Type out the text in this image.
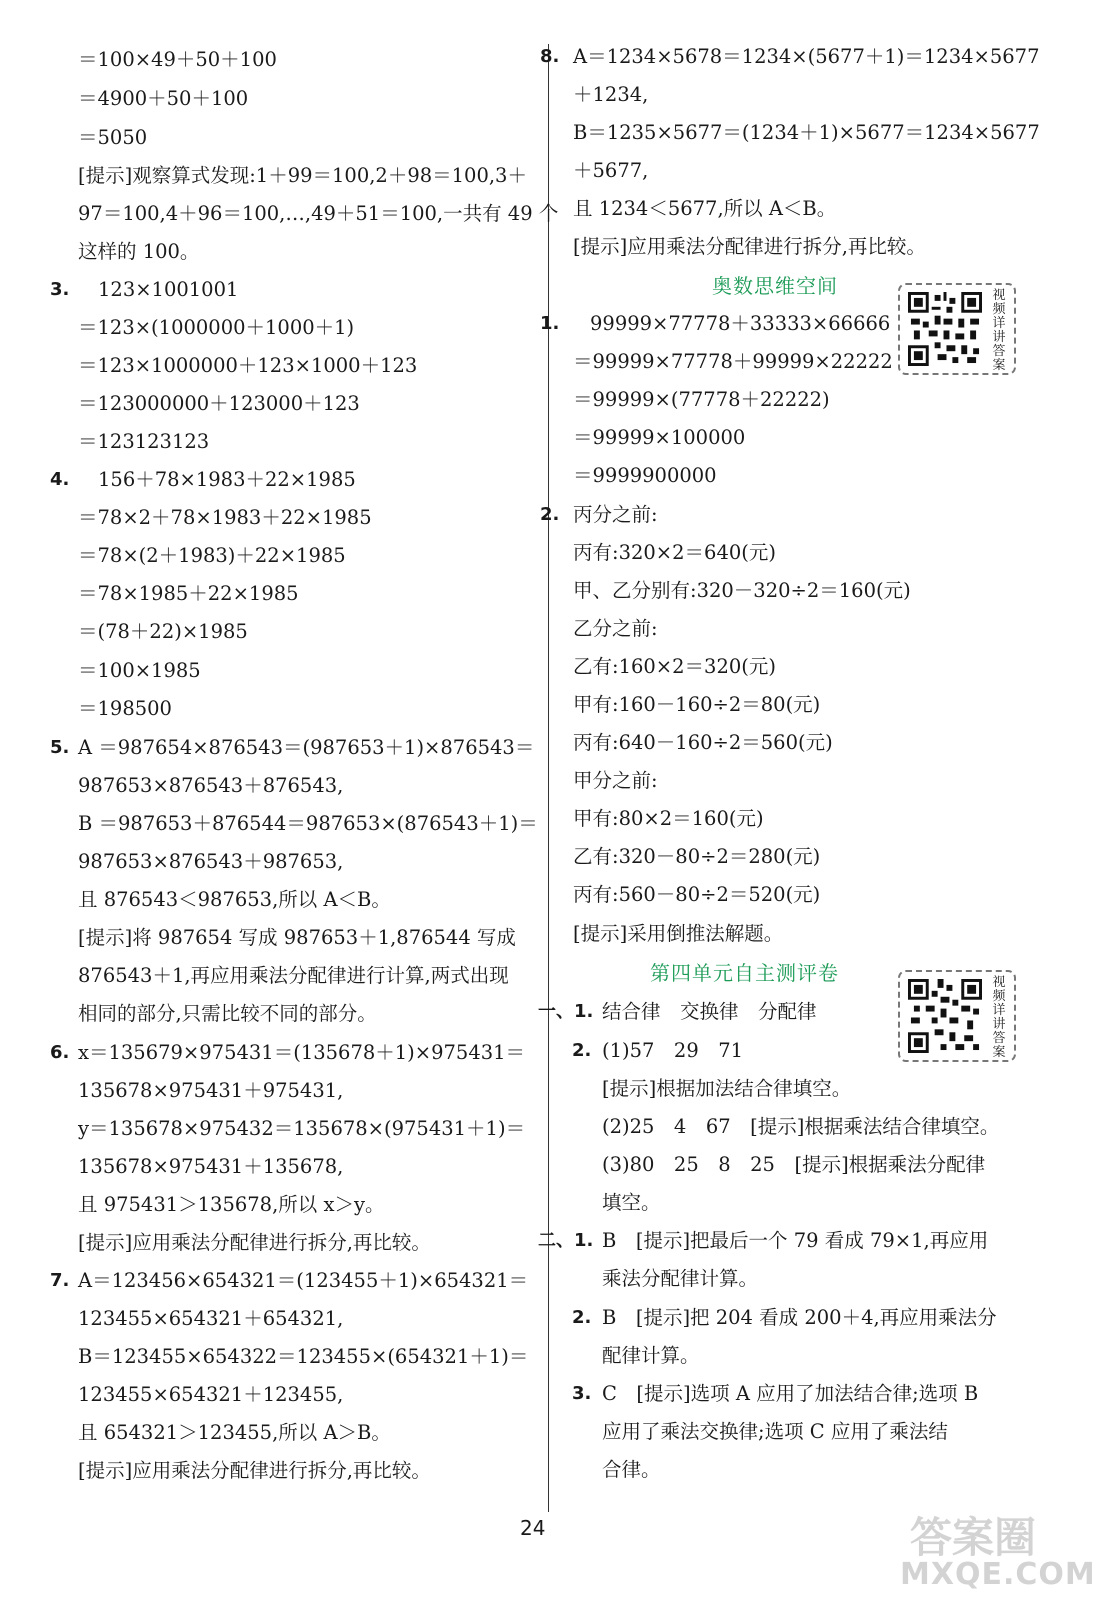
＝100×49＋50＋100
＝4900＋50＋100
＝5050
[提示]观察算式发现:1＋99＝100,2＋98＝100,3＋
97＝100,4＋96＝100,…,49＋51＝100,一共有 49 个
这样的 100。
3. 123×1001001
＝123×(1000000＋1000＋1)
＝123×1000000＋123×1000＋123
＝123000000＋123000＋123
＝123123123
4. 156＋78×1983＋22×1985
＝78×2＋78×1983＋22×1985
＝78×(2＋1983)＋22×1985
＝78×1985＋22×1985
＝(78＋22)×1985
＝100×1985
＝198500
5. A ＝987654×876543＝(987653＋1)×876543＝
987653×876543＋876543,
B ＝987653＋876544＝987653×(876543＋1)＝
987653×876543＋987653,
且 876543＜987653,所以 A＜B。
[提示]将 987654 写成 987653＋1,876544 写成
876543＋1,再应用乘法分配律进行计算,两式出现
相同的部分,只需比较不同的部分。
6. x＝135679×975431＝(135678＋1)×975431＝
135678×975431＋975431,
y＝135678×975432＝135678×(975431＋1)＝
135678×975431＋135678,
且 975431＞135678,所以 x＞y。
[提示]应用乘法分配律进行拆分,再比较。
7. A＝123456×654321＝(123455＋1)×654321＝
123455×654321＋654321,
B＝123455×654322＝123455×(654321＋1)＝
123455×654321＋123455,
且 654321＞123455,所以 A＞B。
[提示]应用乘法分配律进行拆分,再比较。
8. A＝1234×5678＝1234×(5677＋1)＝1234×5677
＋1234,
B＝1235×5677＝(1234＋1)×5677＝1234×5677
＋5677,
且 1234＜5677,所以 A＜B。
[提示]应用乘法分配律进行拆分,再比较。
奥数思维空间	视频详讲答案
1. 99999×77778＋33333×66666
＝99999×77778＋99999×22222
＝99999×(77778＋22222)
＝99999×100000
＝9999900000
2. 丙分之前:
丙有:320×2＝640(元)
甲、乙分别有:320－320÷2＝160(元)
乙分之前:
乙有:160×2＝320(元)
甲有:160－160÷2＝80(元)
丙有:640－160÷2＝560(元)
甲分之前:
甲有:80×2＝160(元)
乙有:320－80÷2＝280(元)
丙有:560－80÷2＝520(元)
[提示]采用倒推法解题。
第四单元自主测评卷	视频详讲答案
一、1. 结合律　交换律　分配律
2. (1)57　29　71
[提示]根据加法结合律填空。
(2)25　4　67　[提示]根据乘法结合律填空。
(3)80　25　8　25　[提示]根据乘法分配律
填空。
二、1. B　[提示]把最后一个 79 看成 79×1,再应用
乘法分配律计算。
2. B　[提示]把 204 看成 200＋4,再应用乘法分
配律计算。
3. C　[提示]选项 A 应用了加法结合律;选项 B
应用了乘法交换律;选项 C 应用了乘法结
合律。
24	答案圈
MXQE.COM
